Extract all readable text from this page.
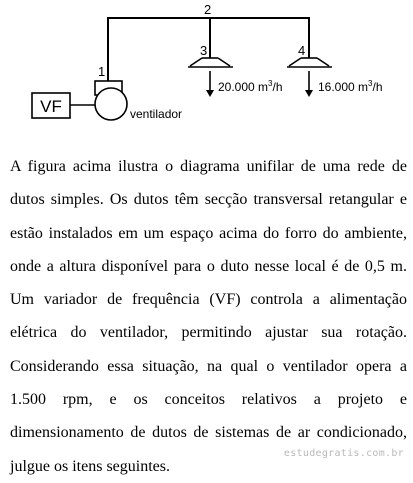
VF	ventilador
1
2
3	4
20.000 $m^3/h$	16.000 $m^3/h$

A figura acima ilustra o diagrama unifilar de uma rede de dutos simples. Os dutos têm secção transversal retangular e estão instalados em um espaço acima do forro do ambiente, onde a altura disponível para o duto nesse local é de 0,5 m. Um variador de frequência (VF) controla a alimentação elétrica do ventilador, permitindo ajustar sua rotação. Considerando essa situação, na qual o ventilador opera a 1.500 rpm, e os conceitos relativos a projeto e dimensionamento de dutos de sistemas de ar condicionado, julgue os itens seguintes.

estudegratis.com.br
